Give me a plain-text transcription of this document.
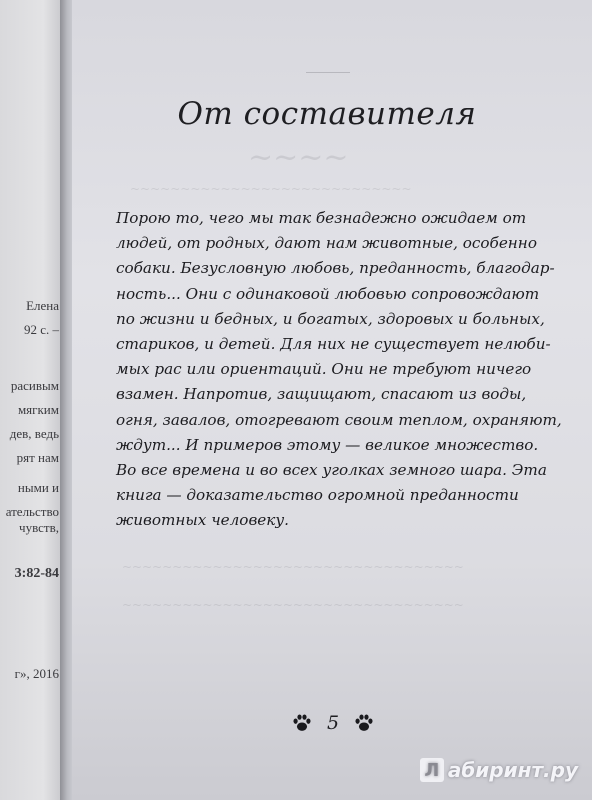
Елена
92 с. –
расивым
мягким
дев, ведь
рят нам
ными и
ательство
чувств,
3:82-84
г», 2016
~~~~
~~~~~~~~~~~~~~~~~~~~~~~~~~~~
~~~~~~~~~~~~~~~~~~~~~~~~~~~~~~~~~~
~~~~~~~~~~~~~~~~~~~~~~~~~~~~~~~~~~
От составителя
Порою то, чего мы так безнадежно ожидаем от
людей, от родных, дают нам животные, особенно
собаки. Безусловную любовь, преданность, благодар-
ность... Они с одинаковой любовью сопровождают
по жизни и бедных, и богатых, здоровых и больных,
стариков, и детей. Для них не существует нелюби-
мых рас или ориентаций. Они не требуют ничего
взамен. Напротив, защищают, спасают из воды,
огня, завалов, отогревают своим теплом, охраняют,
ждут... И примеров этому — великое множество.
Во все времена и во всех уголках земного шара. Эта
книга — доказательство огромной преданности
животных человеку.
5
Л абиринт.ру
